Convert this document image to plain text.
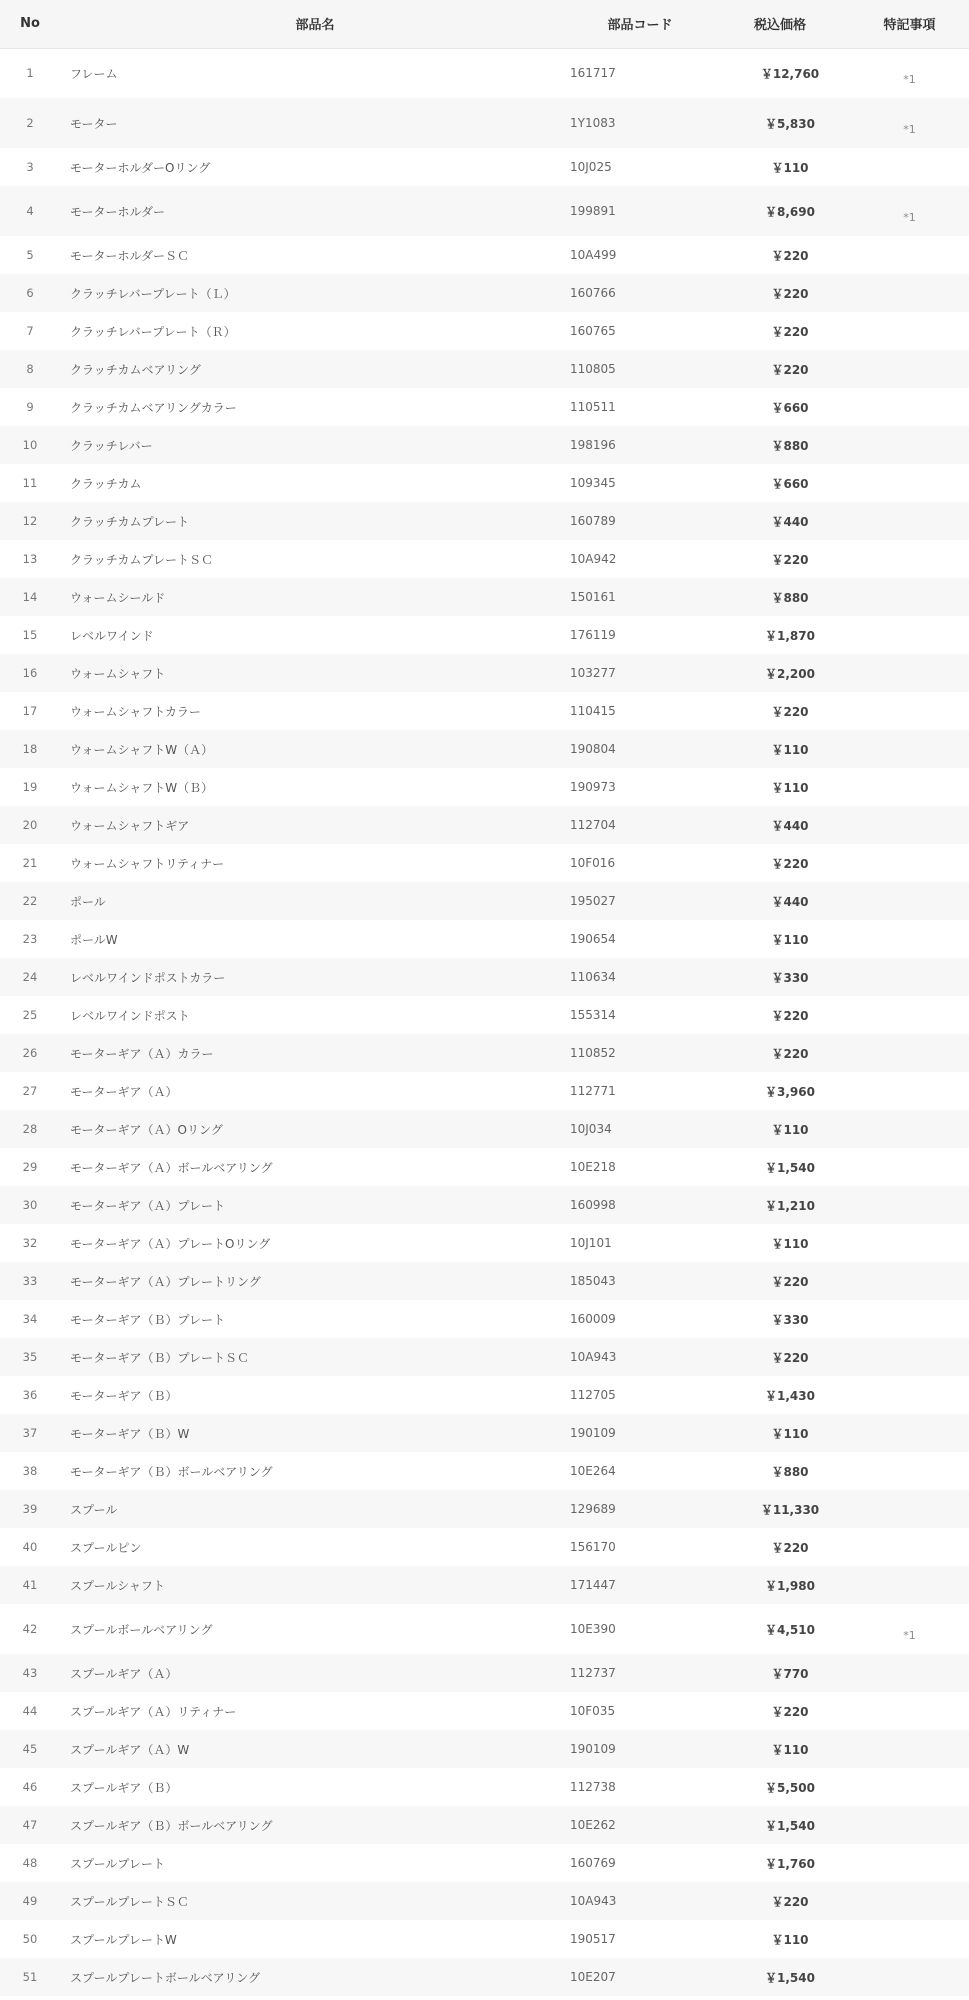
No	部品名	部品コード	税込価格	特記事項
1	フレーム	161717	￥12,760	*1
2	モーター	1Y1083	￥5,830	*1
3	モーターホルダーOリング	10J025	￥110	
4	モーターホルダー	199891	￥8,690	*1
5	モーターホルダーＳＣ	10A499	￥220	
6	クラッチレバープレート（Ｌ）	160766	￥220	
7	クラッチレバープレート（Ｒ）	160765	￥220	
8	クラッチカムベアリング	110805	￥220	
9	クラッチカムベアリングカラー	110511	￥660	
10	クラッチレバー	198196	￥880	
11	クラッチカム	109345	￥660	
12	クラッチカムプレート	160789	￥440	
13	クラッチカムプレートＳＣ	10A942	￥220	
14	ウォームシールド	150161	￥880	
15	レベルワインド	176119	￥1,870	
16	ウォームシャフト	103277	￥2,200	
17	ウォームシャフトカラー	110415	￥220	
18	ウォームシャフトW（Ａ）	190804	￥110	
19	ウォームシャフトW（Ｂ）	190973	￥110	
20	ウォームシャフトギア	112704	￥440	
21	ウォームシャフトリティナー	10F016	￥220	
22	ポール	195027	￥440	
23	ポールW	190654	￥110	
24	レベルワインドポストカラー	110634	￥330	
25	レベルワインドポスト	155314	￥220	
26	モーターギア（Ａ）カラー	110852	￥220	
27	モーターギア（Ａ）	112771	￥3,960	
28	モーターギア（Ａ）Oリング	10J034	￥110	
29	モーターギア（Ａ）ボールベアリング	10E218	￥1,540	
30	モーターギア（Ａ）プレート	160998	￥1,210	
32	モーターギア（Ａ）プレートOリング	10J101	￥110	
33	モーターギア（Ａ）プレートリング	185043	￥220	
34	モーターギア（Ｂ）プレート	160009	￥330	
35	モーターギア（Ｂ）プレートＳＣ	10A943	￥220	
36	モーターギア（Ｂ）	112705	￥1,430	
37	モーターギア（Ｂ）W	190109	￥110	
38	モーターギア（Ｂ）ボールベアリング	10E264	￥880	
39	スプール	129689	￥11,330	
40	スプールピン	156170	￥220	
41	スプールシャフト	171447	￥1,980	
42	スプールボールベアリング	10E390	￥4,510	*1
43	スプールギア（Ａ）	112737	￥770	
44	スプールギア（Ａ）リティナー	10F035	￥220	
45	スプールギア（Ａ）W	190109	￥110	
46	スプールギア（Ｂ）	112738	￥5,500	
47	スプールギア（Ｂ）ボールベアリング	10E262	￥1,540	
48	スプールプレート	160769	￥1,760	
49	スプールプレートＳＣ	10A943	￥220	
50	スプールプレートW	190517	￥110	
51	スプールプレートボールベアリング	10E207	￥1,540	
